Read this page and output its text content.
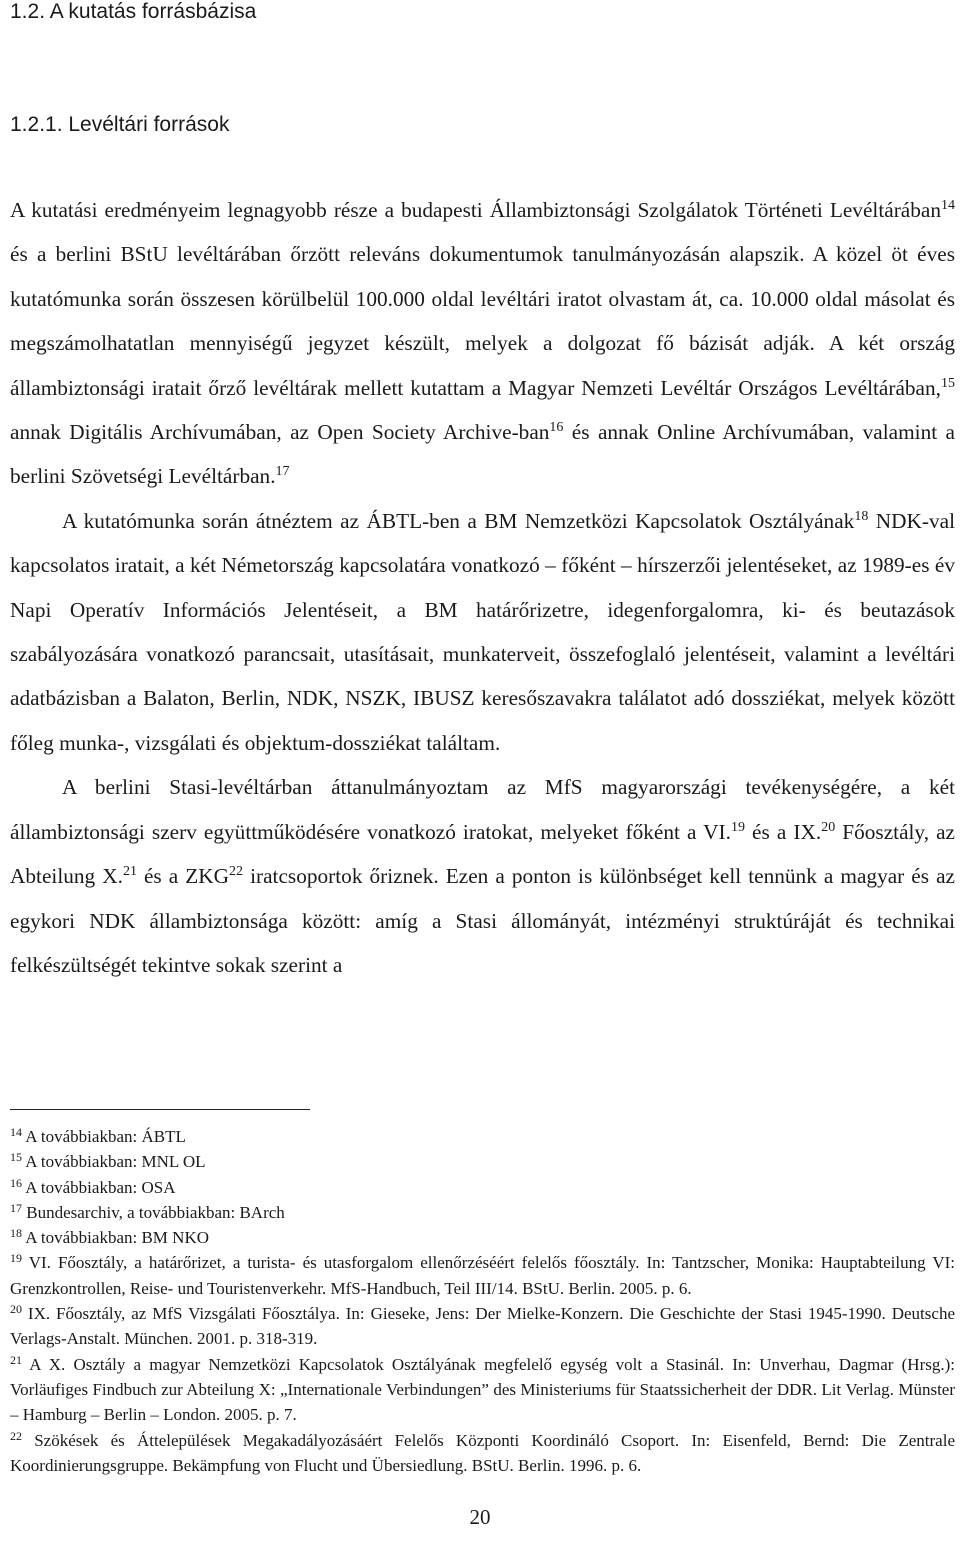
1.2. A kutatás forrásbázisa
1.2.1. Levéltári források

A kutatási eredményeim legnagyobb része a budapesti Állambiztonsági Szolgálatok Történeti Levéltárában$^{14}$ és a berlini BStU levéltárában őrzött releváns dokumentumok tanulmányozásán alapszik. A közel öt éves kutatómunka során összesen körülbelül 100.000 oldal levéltári iratot olvastam át, ca. 10.000 oldal másolat és megszámolhatatlan mennyiségű jegyzet készült, melyek a dolgozat fő bázisát adják. A két ország állambiztonsági iratait őrző levéltárak mellett kutattam a Magyar Nemzeti Levéltár Országos Levéltárában,$^{15}$ annak Digitális Archívumában, az Open Society Archive-ban$^{16}$ és annak Online Archívumában, valamint a berlini Szövetségi Levéltárban.$^{17}$

A kutatómunka során átnéztem az ÁBTL-ben a BM Nemzetközi Kapcsolatok Osztályának$^{18}$ NDK-val kapcsolatos iratait, a két Németország kapcsolatára vonatkozó – főként – hírszerzői jelentéseket, az 1989-es év Napi Operatív Információs Jelentéseit, a BM határőrizetre, idegenforgalomra, ki- és beutazások szabályozására vonatkozó parancsait, utasításait, munkaterveit, összefoglaló jelentéseit, valamint a levéltári adatbázisban a Balaton, Berlin, NDK, NSZK, IBUSZ keresőszavakra találatot adó dossziékat, melyek között főleg munka-, vizsgálati és objektum-dossziékat találtam.

A berlini Stasi-levéltárban áttanulmányoztam az MfS magyarországi tevékenységére, a két állambiztonsági szerv együttműködésére vonatkozó iratokat, melyeket főként a VI.$^{19}$ és a IX.$^{20}$ Főosztály, az Abteilung X.$^{21}$ és a ZKG$^{22}$ iratcsoportok őriznek. Ezen a ponton is különbséget kell tennünk a magyar és az egykori NDK állambiztonsága között: amíg a Stasi állományát, intézményi struktúráját és technikai felkészültségét tekintve sokak szerint a

$^{14}$ A továbbiakban: ÁBTL

$^{15}$ A továbbiakban: MNL OL

$^{16}$ A továbbiakban: OSA

$^{17}$ Bundesarchiv, a továbbiakban: BArch

$^{18}$ A továbbiakban: BM NKO

$^{19}$ VI. Főosztály, a határőrizet, a turista- és utasforgalom ellenőrzéséért felelős főosztály. In: Tantzscher, Monika: Hauptabteilung VI: Grenzkontrollen, Reise- und Touristenverkehr. MfS-Handbuch, Teil III/14. BStU. Berlin. 2005. p. 6.

$^{20}$ IX. Főosztály, az MfS Vizsgálati Főosztálya. In: Gieseke, Jens: Der Mielke-Konzern. Die Geschichte der Stasi 1945-1990. Deutsche Verlags-Anstalt. München. 2001. p. 318-319.

$^{21}$ A X. Osztály a magyar Nemzetközi Kapcsolatok Osztályának megfelelő egység volt a Stasinál. In: Unverhau, Dagmar (Hrsg.): Vorläufiges Findbuch zur Abteilung X: „Internationale Verbindungen” des Ministeriums für Staatssicherheit der DDR. Lit Verlag. Münster – Hamburg – Berlin – London. 2005. p. 7.

$^{22}$ Szökések és Áttelepülések Megakadályozásáért Felelős Központi Koordináló Csoport. In: Eisenfeld, Bernd: Die Zentrale Koordinierungsgruppe. Bekämpfung von Flucht und Übersiedlung. BStU. Berlin. 1996. p. 6.

20
